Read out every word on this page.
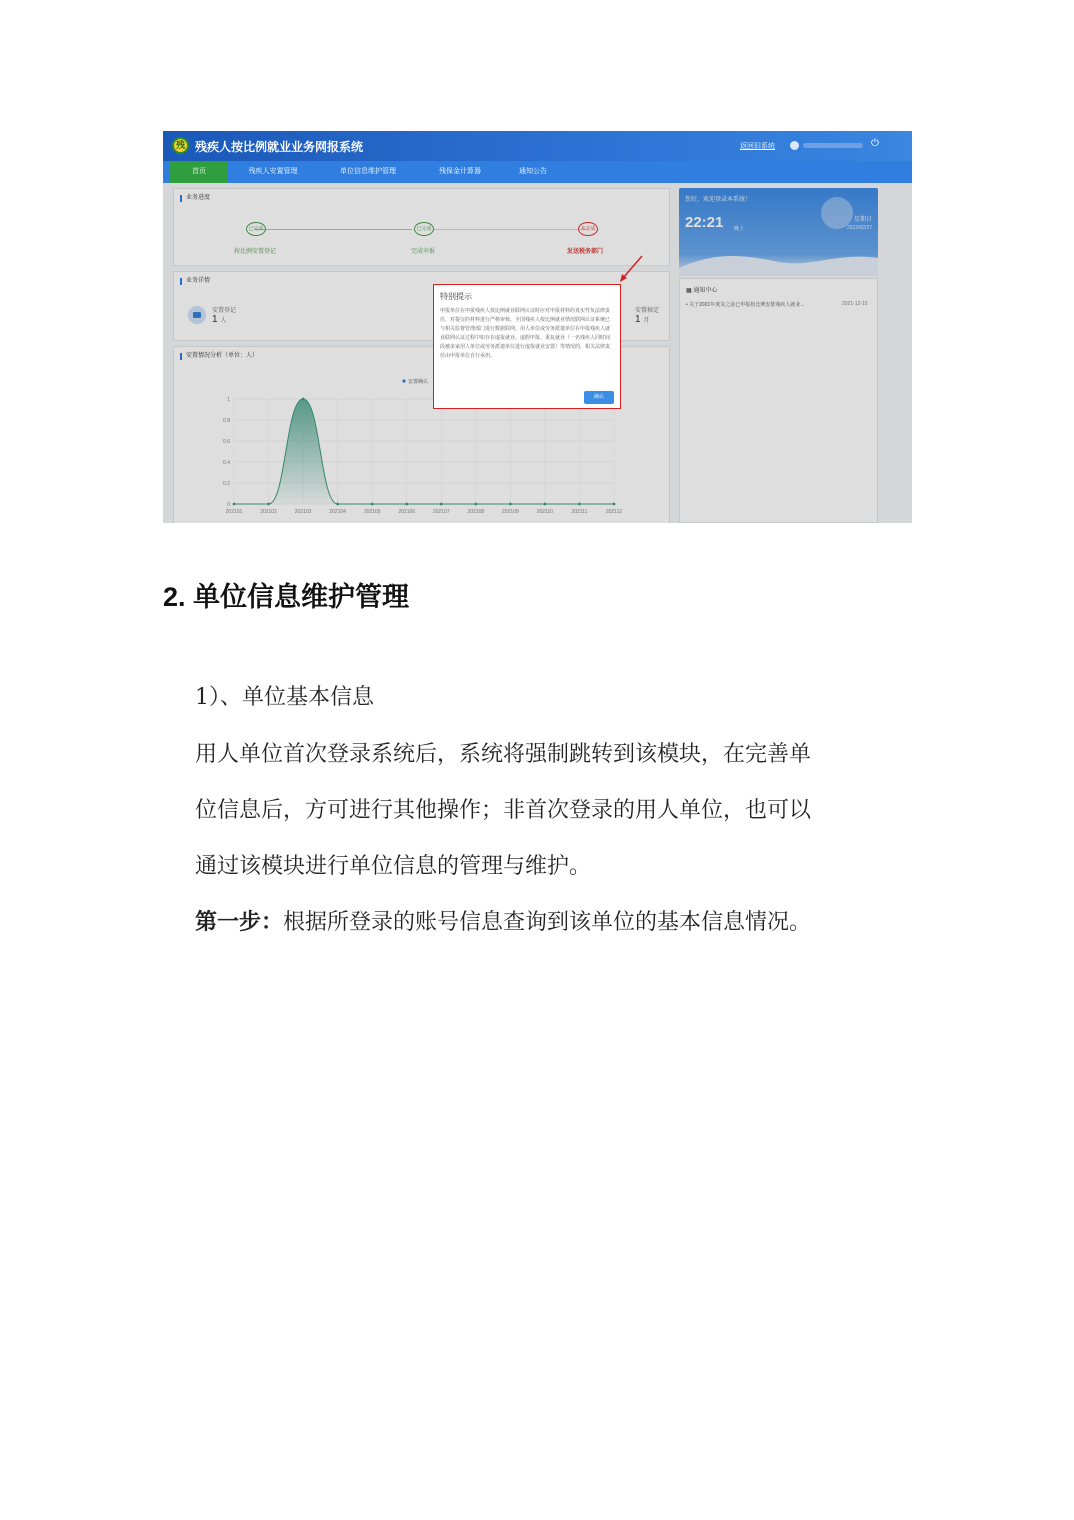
残 残疾人按比例就业业务网报系统	返回旧系统	⏻
首页	残疾人安置管理	单位信息维护管理	残保金计算器	通知公告
业务进度
已完成	已完成	未完成
按比例安置登记	完成申报	发送税务部门
业务详情
安置登记
1 人
安置核定
1 月
安置情况分析（单位：人）
0
0.2
0.4
0.6
0.8
1
202101	202102	202103	202104	202105	202106	202107	202108	202109	202110	202111	202112
安置确认
您好，欢迎登录本系统！
22:21 晚上
星期日
2022/02/27
▦ 通知中心
• 关于2021年度及之前已申报按比例安排残疾人就业...	2021-12-15
特别提示
申报单位在申报残疾人按比例就业联网认证时应对申报材料的真实性负法律责任，对提交的材料进行严格审核。全国残疾人按比例就业情况联网认证系统已与相关监督管理部门进行数据联网。用人单位或劳务派遣单位在申报残疾人就业联网认证过程中如存在虚报就业、虚假申报、重复就业（一名残疾人同时间段被多家用人单位或劳务派遣单位进行虚报就业安置）等情况的，相关法律责任由申报单位自行承担。
确认
2. 单位信息维护管理
1）、单位基本信息
用人单位首次登录系统后，系统将强制跳转到该模块，在完善单
位信息后，方可进行其他操作；非首次登录的用人单位，也可以
通过该模块进行单位信息的管理与维护。
第一步：根据所登录的账号信息查询到该单位的基本信息情况。
